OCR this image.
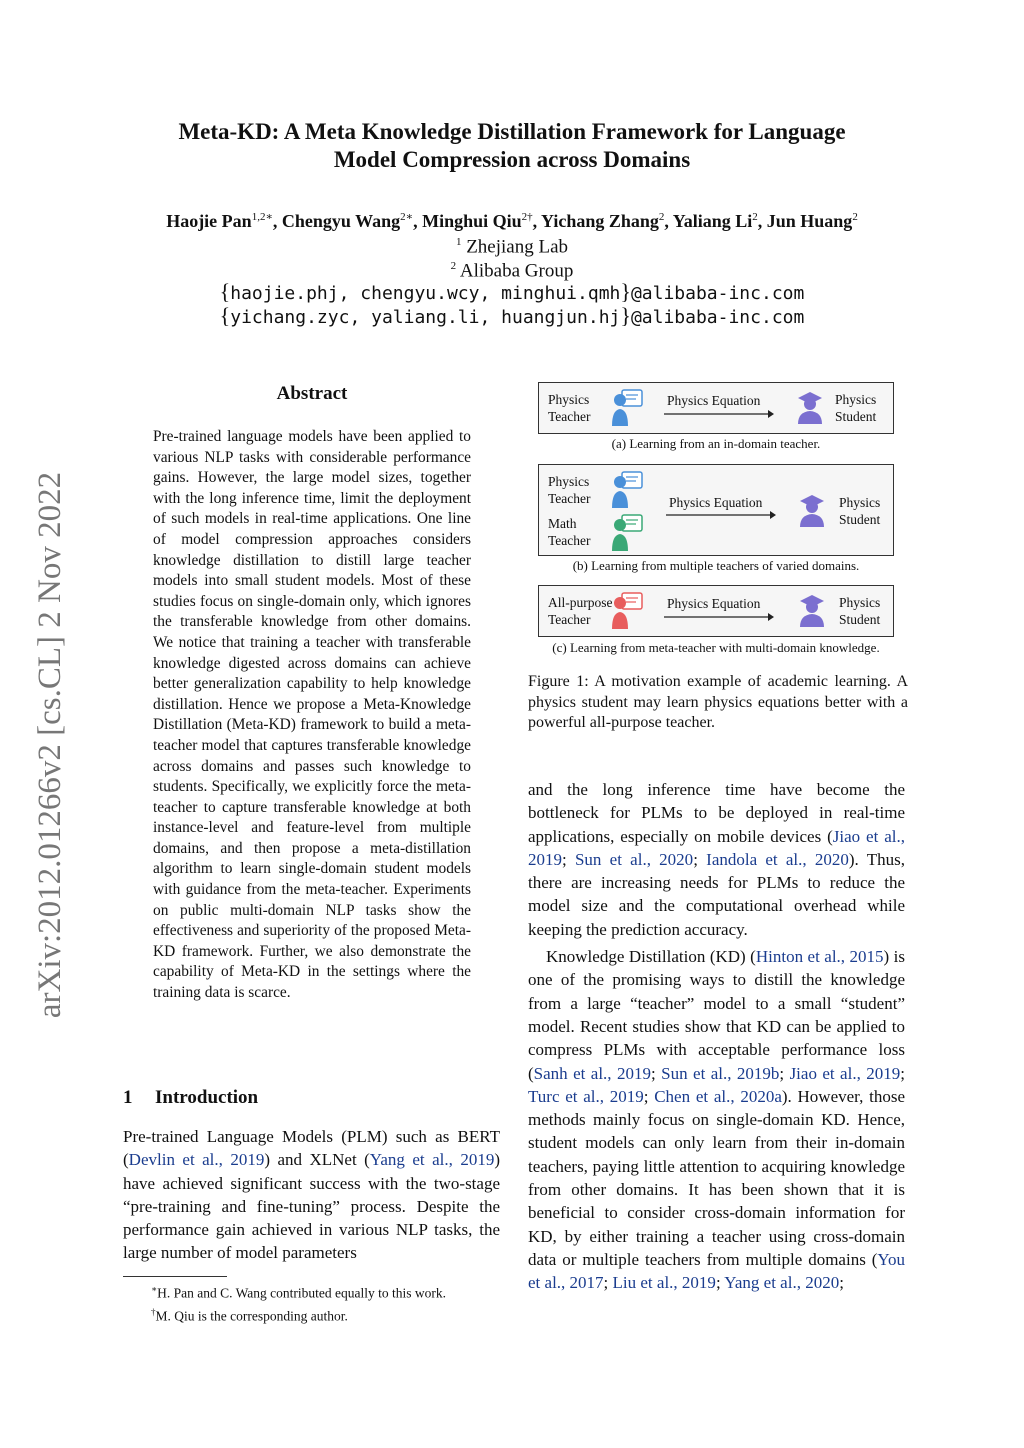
arXiv:2012.01266v2 [cs.CL] 2 Nov 2022
Meta-KD: A Meta Knowledge Distillation Framework for Language
Model Compression across Domains
Haojie Pan$^{1,2∗}$, Chengyu Wang$^{2∗}$, Minghui Qiu$^{2\dagger}$, Yichang Zhang$^2$, Yaliang Li$^2$, Jun Huang$^2$
$^1$ Zhejiang Lab
$^2$ Alibaba Group
{haojie.phj, chengyu.wcy, minghui.qmh}@alibaba-inc.com
{yichang.zyc, yaliang.li, huangjun.hj}@alibaba-inc.com
Abstract
Pre-trained language models have been applied to various NLP tasks with considerable performance gains. However, the large model sizes, together with the long inference time, limit the deployment of such models in real-time applications. One line of model compression approaches considers knowledge distillation to distill large teacher models into small student models. Most of these studies focus on single-domain only, which ignores the transferable knowledge from other domains. We notice that training a teacher with transferable knowledge digested across domains can achieve better generalization capability to help knowledge distillation. Hence we propose a Meta-Knowledge Distillation (Meta-KD) framework to build a meta-teacher model that captures transferable knowledge across domains and passes such knowledge to students. Specifically, we explicitly force the meta-teacher to capture transferable knowledge at both instance-level and feature-level from multiple domains, and then propose a meta-distillation algorithm to learn single-domain student models with guidance from the meta-teacher. Experiments on public multi-domain NLP tasks show the effectiveness and superiority of the proposed Meta-KD framework. Further, we also demonstrate the capability of Meta-KD in the settings where the training data is scarce.
1 Introduction
Pre-trained Language Models (PLM) such as BERT (Devlin et al., 2019) and XLNet (Yang et al., 2019) have achieved significant success with the two-stage “pre-training and fine-tuning” process. Despite the performance gain achieved in various NLP tasks, the large number of model parameters
∗H. Pan and C. Wang contributed equally to this work.
†M. Qiu is the corresponding author.
Physics
Teacher
Physics Equation	Physics
Student
(a) Learning from an in-domain teacher.
Physics
Teacher
Math
Teacher
Physics Equation	Physics
Student
(b) Learning from multiple teachers of varied domains.
All-purpose
Teacher
Physics Equation	Physics
Student
(c) Learning from meta-teacher with multi-domain knowledge.
Figure 1: A motivation example of academic learning. A physics student may learn physics equations better with a powerful all-purpose teacher.

and the long inference time have become the bottleneck for PLMs to be deployed in real-time applications, especially on mobile devices (Jiao et al., 2019; Sun et al., 2020; Iandola et al., 2020). Thus, there are increasing needs for PLMs to reduce the model size and the computational overhead while keeping the prediction accuracy.

Knowledge Distillation (KD) (Hinton et al., 2015) is one of the promising ways to distill the knowledge from a large “teacher” model to a small “student” model. Recent studies show that KD can be applied to compress PLMs with acceptable performance loss (Sanh et al., 2019; Sun et al., 2019b; Jiao et al., 2019; Turc et al., 2019; Chen et al., 2020a). However, those methods mainly focus on single-domain KD. Hence, student models can only learn from their in-domain teachers, paying little attention to acquiring knowledge from other domains. It has been shown that it is beneficial to consider cross-domain information for KD, by either training a teacher using cross-domain data or multiple teachers from multiple domains (You et al., 2017; Liu et al., 2019; Yang et al., 2020;
